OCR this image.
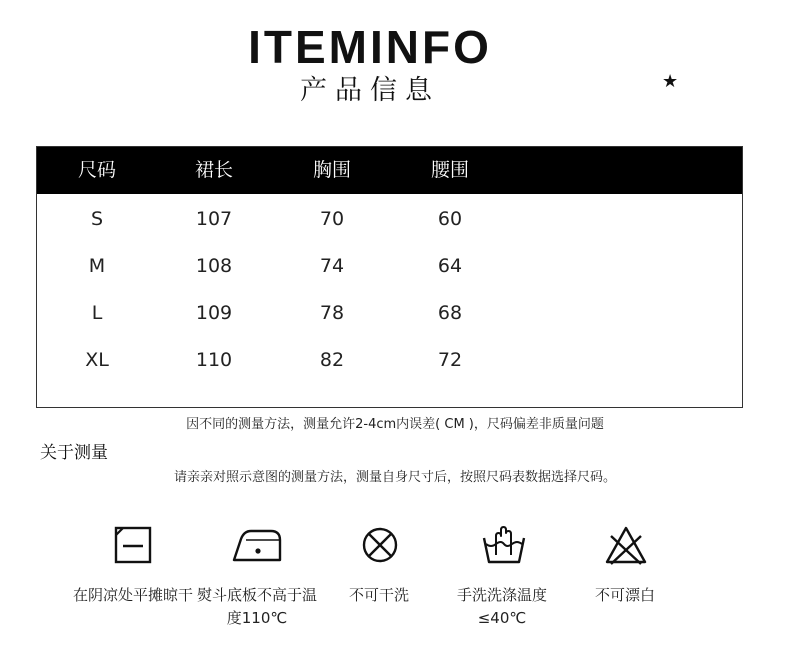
ITEMINFO
产品信息	★
尺码	裙长	胸围	腰围
S	107	70	60
M	108	74	64
L	109	78	68
XL	110	82	72
因不同的测量方法，测量允许2-4cm内误差( CM )，尺码偏差非质量问题
关于测量
请亲亲对照示意图的测量方法，测量自身尺寸后，按照尺码表数据选择尺码。
在阴凉处平摊晾干 熨斗底板不高于温度110℃
不可干洗	手洗洗涤温度≤40℃
不可漂白
